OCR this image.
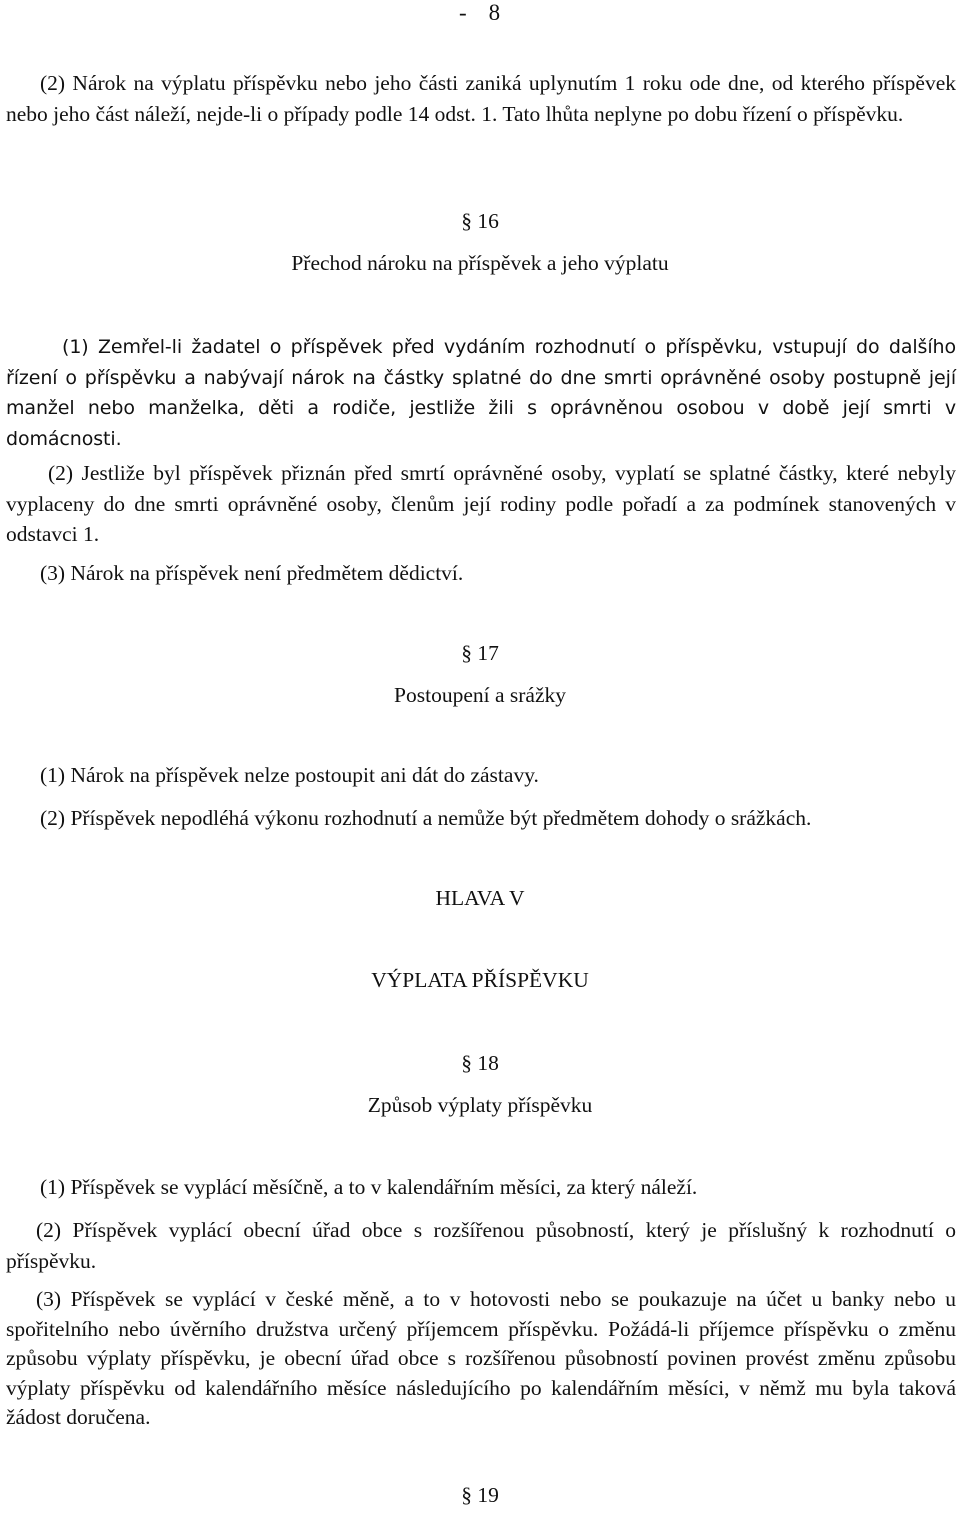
- 8

(2) Nárok na výplatu příspěvku nebo jeho části zaniká uplynutím 1 roku ode dne, od kterého příspěvek nebo jeho část náleží, nejde-li o případy podle 14 odst. 1. Tato lhůta neplyne po dobu řízení o příspěvku.

§ 16
Přechod nároku na příspěvek a jeho výplatu

(1) Zemřel-li žadatel o příspěvek před vydáním rozhodnutí o příspěvku, vstupují do dalšího řízení o příspěvku a nabývají nárok na částky splatné do dne smrti oprávněné osoby postupně její manžel nebo manželka, děti a rodiče, jestliže žili s oprávněnou osobou v době její smrti v domácnosti.

(2) Jestliže byl příspěvek přiznán před smrtí oprávněné osoby, vyplatí se splatné částky, které nebyly vyplaceny do dne smrti oprávněné osoby, členům její rodiny podle pořadí a za podmínek stanovených v odstavci 1.

(3) Nárok na příspěvek není předmětem dědictví.
§ 17
Postoupení a srážky
(1) Nárok na příspěvek nelze postoupit ani dát do zástavy.
(2) Příspěvek nepodléhá výkonu rozhodnutí a nemůže být předmětem dohody o srážkách.
HLAVA V
VÝPLATA PŘÍSPĚVKU
§ 18
Způsob výplaty příspěvku
(1) Příspěvek se vyplácí měsíčně, a to v kalendářním měsíci, za který náleží.

(2) Příspěvek vyplácí obecní úřad obce s rozšířenou působností, který je příslušný k rozhodnutí o příspěvku.

(3) Příspěvek se vyplácí v české měně, a to v hotovosti nebo se poukazuje na účet u banky nebo u spořitelního nebo úvěrního družstva určený příjemcem příspěvku. Požádá-li příjemce příspěvku o změnu způsobu výplaty příspěvku, je obecní úřad obce s rozšířenou působností povinen provést změnu způsobu výplaty příspěvku od kalendářního měsíce následujícího po kalendářním měsíci, v němž mu byla taková žádost doručena.

§ 19
